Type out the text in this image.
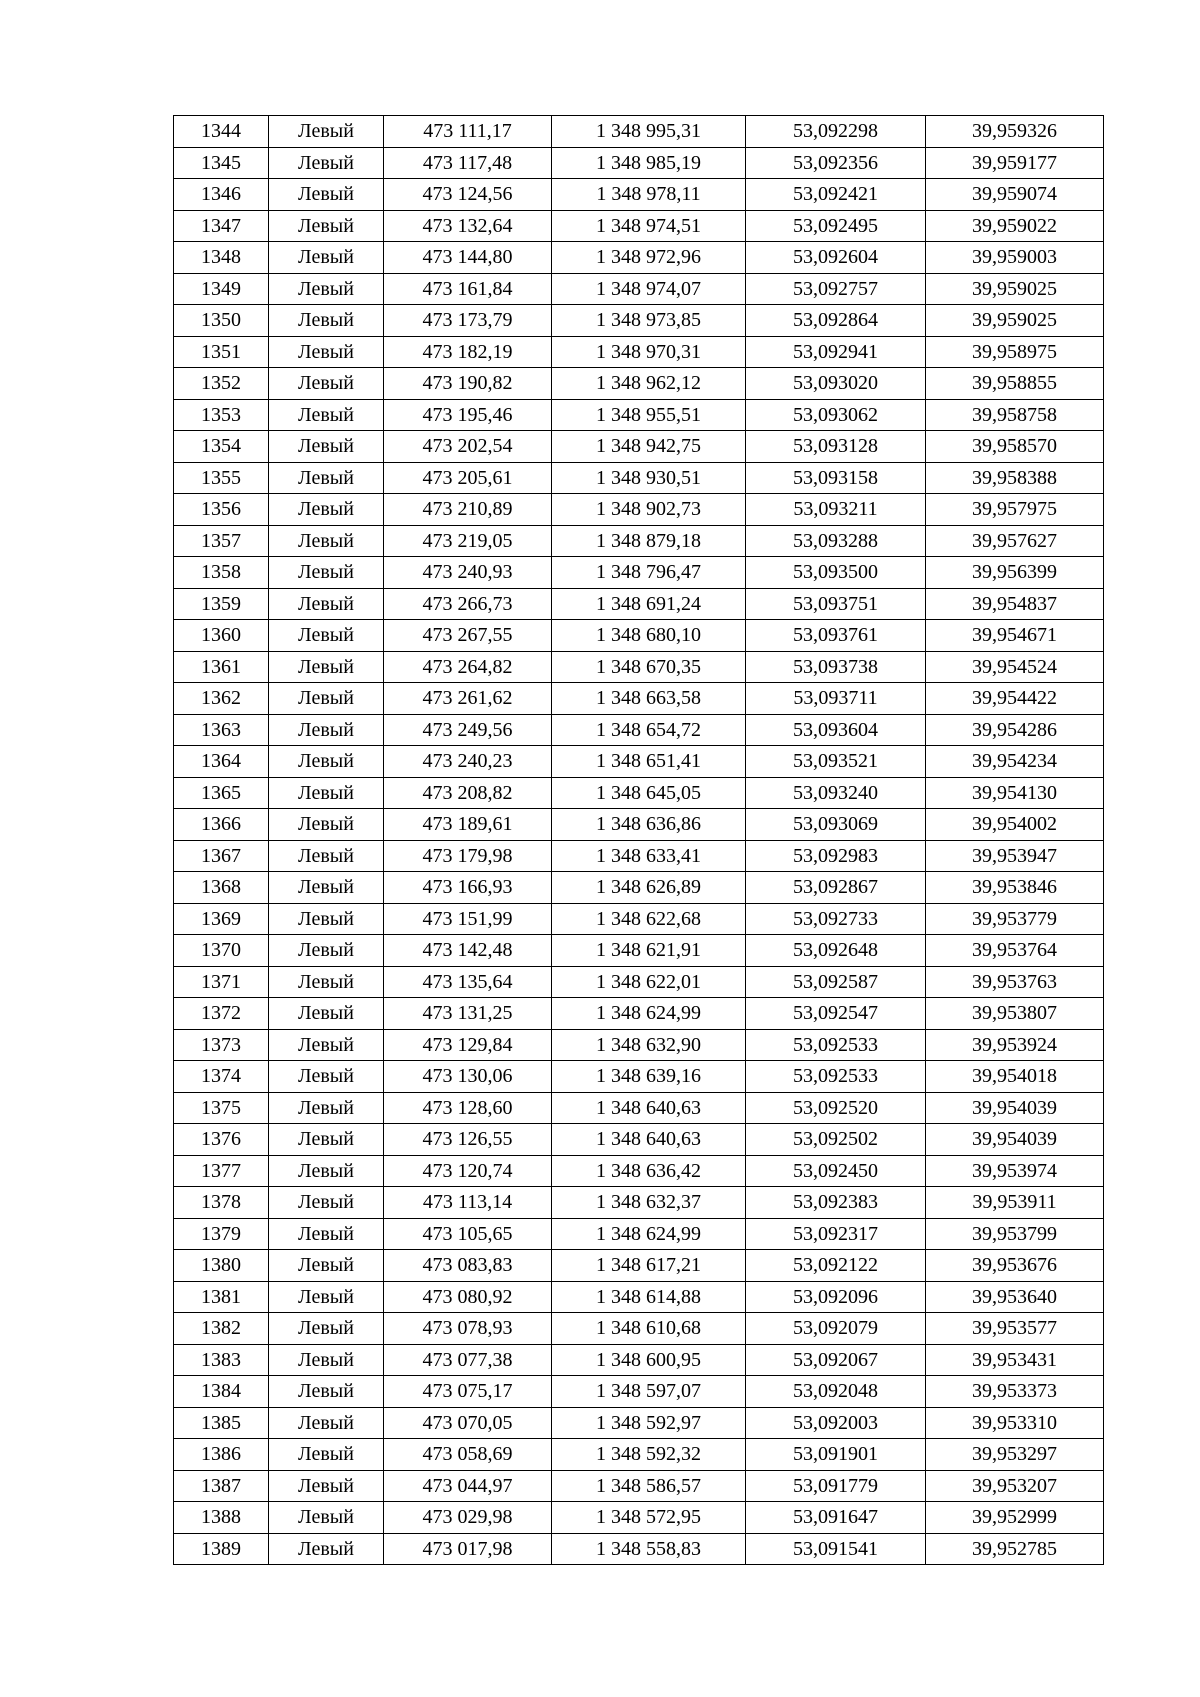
1344	Левый	473 111,17	1 348 995,31	53,092298	39,959326
1345	Левый	473 117,48	1 348 985,19	53,092356	39,959177
1346	Левый	473 124,56	1 348 978,11	53,092421	39,959074
1347	Левый	473 132,64	1 348 974,51	53,092495	39,959022
1348	Левый	473 144,80	1 348 972,96	53,092604	39,959003
1349	Левый	473 161,84	1 348 974,07	53,092757	39,959025
1350	Левый	473 173,79	1 348 973,85	53,092864	39,959025
1351	Левый	473 182,19	1 348 970,31	53,092941	39,958975
1352	Левый	473 190,82	1 348 962,12	53,093020	39,958855
1353	Левый	473 195,46	1 348 955,51	53,093062	39,958758
1354	Левый	473 202,54	1 348 942,75	53,093128	39,958570
1355	Левый	473 205,61	1 348 930,51	53,093158	39,958388
1356	Левый	473 210,89	1 348 902,73	53,093211	39,957975
1357	Левый	473 219,05	1 348 879,18	53,093288	39,957627
1358	Левый	473 240,93	1 348 796,47	53,093500	39,956399
1359	Левый	473 266,73	1 348 691,24	53,093751	39,954837
1360	Левый	473 267,55	1 348 680,10	53,093761	39,954671
1361	Левый	473 264,82	1 348 670,35	53,093738	39,954524
1362	Левый	473 261,62	1 348 663,58	53,093711	39,954422
1363	Левый	473 249,56	1 348 654,72	53,093604	39,954286
1364	Левый	473 240,23	1 348 651,41	53,093521	39,954234
1365	Левый	473 208,82	1 348 645,05	53,093240	39,954130
1366	Левый	473 189,61	1 348 636,86	53,093069	39,954002
1367	Левый	473 179,98	1 348 633,41	53,092983	39,953947
1368	Левый	473 166,93	1 348 626,89	53,092867	39,953846
1369	Левый	473 151,99	1 348 622,68	53,092733	39,953779
1370	Левый	473 142,48	1 348 621,91	53,092648	39,953764
1371	Левый	473 135,64	1 348 622,01	53,092587	39,953763
1372	Левый	473 131,25	1 348 624,99	53,092547	39,953807
1373	Левый	473 129,84	1 348 632,90	53,092533	39,953924
1374	Левый	473 130,06	1 348 639,16	53,092533	39,954018
1375	Левый	473 128,60	1 348 640,63	53,092520	39,954039
1376	Левый	473 126,55	1 348 640,63	53,092502	39,954039
1377	Левый	473 120,74	1 348 636,42	53,092450	39,953974
1378	Левый	473 113,14	1 348 632,37	53,092383	39,953911
1379	Левый	473 105,65	1 348 624,99	53,092317	39,953799
1380	Левый	473 083,83	1 348 617,21	53,092122	39,953676
1381	Левый	473 080,92	1 348 614,88	53,092096	39,953640
1382	Левый	473 078,93	1 348 610,68	53,092079	39,953577
1383	Левый	473 077,38	1 348 600,95	53,092067	39,953431
1384	Левый	473 075,17	1 348 597,07	53,092048	39,953373
1385	Левый	473 070,05	1 348 592,97	53,092003	39,953310
1386	Левый	473 058,69	1 348 592,32	53,091901	39,953297
1387	Левый	473 044,97	1 348 586,57	53,091779	39,953207
1388	Левый	473 029,98	1 348 572,95	53,091647	39,952999
1389	Левый	473 017,98	1 348 558,83	53,091541	39,952785
